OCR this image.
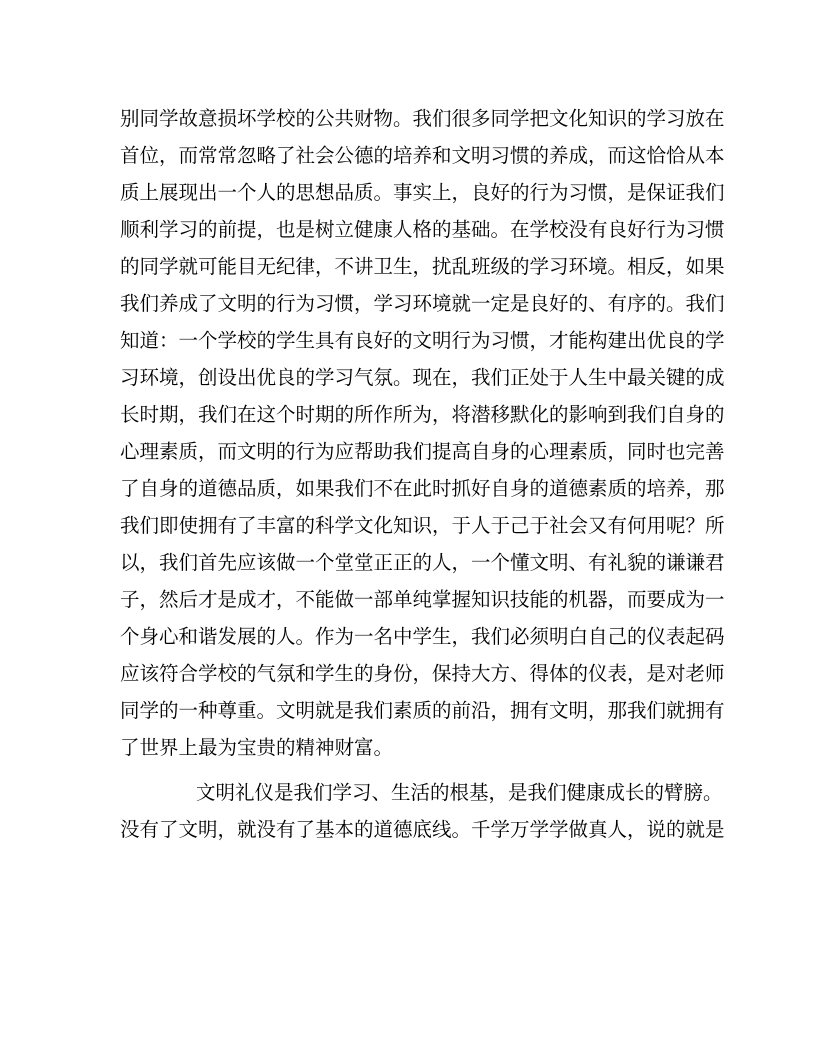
别同学故意损坏学校的公共财物。我们很多同学把文化知识的学习放在
首位，而常常忽略了社会公德的培养和文明习惯的养成，而这恰恰从本
质上展现出一个人的思想品质。事实上，良好的行为习惯，是保证我们
顺利学习的前提，也是树立健康人格的基础。在学校没有良好行为习惯
的同学就可能目无纪律，不讲卫生，扰乱班级的学习环境。相反，如果
我们养成了文明的行为习惯，学习环境就一定是良好的、有序的。我们
知道：一个学校的学生具有良好的文明行为习惯，才能构建出优良的学
习环境，创设出优良的学习气氛。现在，我们正处于人生中最关键的成
长时期，我们在这个时期的所作所为，将潜移默化的影响到我们自身的
心理素质，而文明的行为应帮助我们提高自身的心理素质，同时也完善
了自身的道德品质，如果我们不在此时抓好自身的道德素质的培养，那
我们即使拥有了丰富的科学文化知识，于人于己于社会又有何用呢？所
以，我们首先应该做一个堂堂正正的人，一个懂文明、有礼貌的谦谦君
子，然后才是成才，不能做一部单纯掌握知识技能的机器，而要成为一
个身心和谐发展的人。作为一名中学生，我们必须明白自己的仪表起码
应该符合学校的气氛和学生的身份，保持大方、得体的仪表，是对老师
同学的一种尊重。文明就是我们素质的前沿，拥有文明，那我们就拥有
了世界上最为宝贵的精神财富。
文明礼仪是我们学习、生活的根基，是我们健康成长的臂膀。
没有了文明，就没有了基本的道德底线。千学万学学做真人，说的就是
